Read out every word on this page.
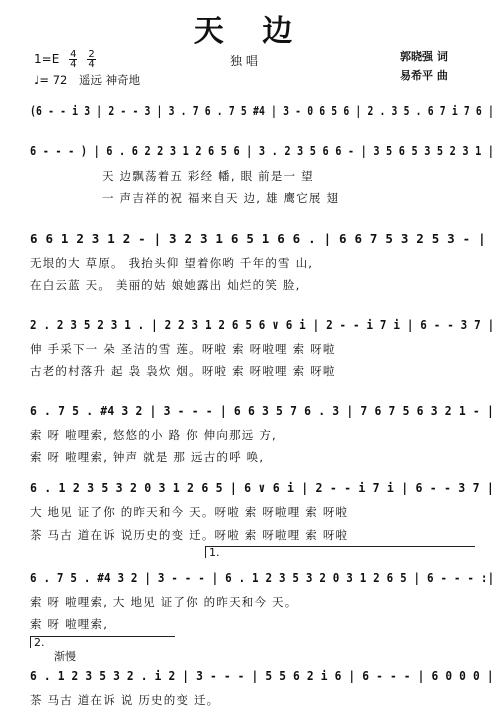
天 边
$1=E \frac{4}{4}$
$\frac{2}{4}$	独 唱	郭晓强 词
易希平 曲
♩= 72 遥远 神奇地
(6 - - i 3 | 2 - - 3 | 3 . 7 6 . 7 5 #4 | 3 - 0 6 5 6 | 2 . 3 5 . 6 7 i 7 6 |
6 - - - ) | 6 . 6 2 2 3 1 2 6 5 6 | 3 . 2 3 5 6 6 - | 3 5 6 5 3 5 2 3 1 |
天 边飘荡着五 彩经 幡, 眼 前是一 望
一 声吉祥的祝 福来自天 边, 雄 鹰它展 翅
6 6 1 2 3 1 2 - | 3 2 3 1 6 5 1 6 6 . | 6 6 7 5 3 2 5 3 - |
无垠的大 草原。 我抬头仰 望着你哟 千年的雪 山,
在白云蓝 天。 美丽的姑 娘她露出 灿烂的笑 脸,
2 . 2 3 5 2 3 1 . | 2 2 3 1 2 6 5 6 ∨ 6 i | 2 - - i 7 i | 6 - - 3 7 |
伸 手采下一 朵 圣洁的雪 莲。呀啦 索 呀啦哩 索 呀啦
古老的村落升 起 袅 袅炊 烟。呀啦 索 呀啦哩 索 呀啦
6 . 7 5 . #4 3 2 | 3 - - - | 6 6 3 5 7 6 . 3 | 7 6 7 5 6 3 2 1 - |
索 呀 啦哩索, 悠悠的小 路 你 伸向那远 方,
索 呀 啦哩索, 钟声 就是 那 远古的呼 唤,
6 . 1 2 3 5 3 2 0 3 1 2 6 5 | 6 ∨ 6 i | 2 - - i 7 i | 6 - - 3 7 |
大 地见 证了你 的昨天和今 天。呀啦 索 呀啦哩 索 呀啦
茶 马古 道在诉 说历史的变 迁。呀啦 索 呀啦哩 索 呀啦
1.
6 . 7 5 . #4 3 2 | 3 - - - | 6 . 1 2 3 5 3 2 0 3 1 2 6 5 | 6 - - - :|
索 呀 啦哩索, 大 地见 证了你 的昨天和今 天。
索 呀 啦哩索,
2.
渐慢
6 . 1 2 3 5 3 2 . i 2 | 3 - - - | 5 5 6 2 i 6 | 6 - - - | 6 0 0 0 |
茶 马古 道在诉 说 历史的变 迁。
